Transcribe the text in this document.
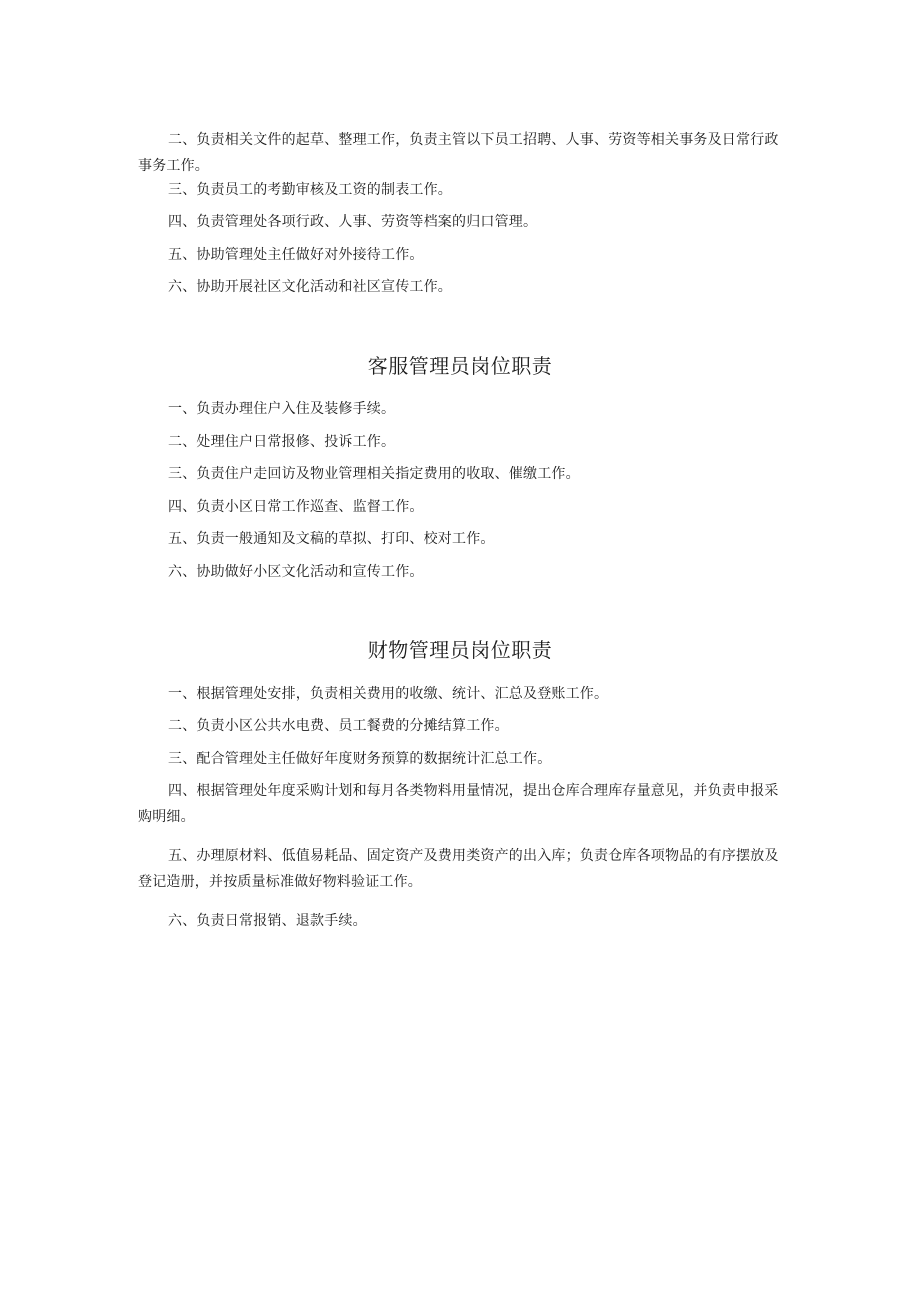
二、负责相关文件的起草、整理工作，负责主管以下员工招聘、人事、劳资等相关事务及日常行政事务工作。

三、负责员工的考勤审核及工资的制表工作。

四、负责管理处各项行政、人事、劳资等档案的归口管理。

五、协助管理处主任做好对外接待工作。

六、协助开展社区文化活动和社区宣传工作。

客服管理员岗位职责

一、负责办理住户入住及装修手续。

二、处理住户日常报修、投诉工作。

三、负责住户走回访及物业管理相关指定费用的收取、催缴工作。

四、负责小区日常工作巡查、监督工作。

五、负责一般通知及文稿的草拟、打印、校对工作。

六、协助做好小区文化活动和宣传工作。

财物管理员岗位职责

一、根据管理处安排，负责相关费用的收缴、统计、汇总及登账工作。

二、负责小区公共水电费、员工餐费的分摊结算工作。

三、配合管理处主任做好年度财务预算的数据统计汇总工作。

四、根据管理处年度采购计划和每月各类物料用量情况，提出仓库合理库存量意见，并负责申报采购明细。

五、办理原材料、低值易耗品、固定资产及费用类资产的出入库；负责仓库各项物品的有序摆放及登记造册，并按质量标准做好物料验证工作。

六、负责日常报销、退款手续。
